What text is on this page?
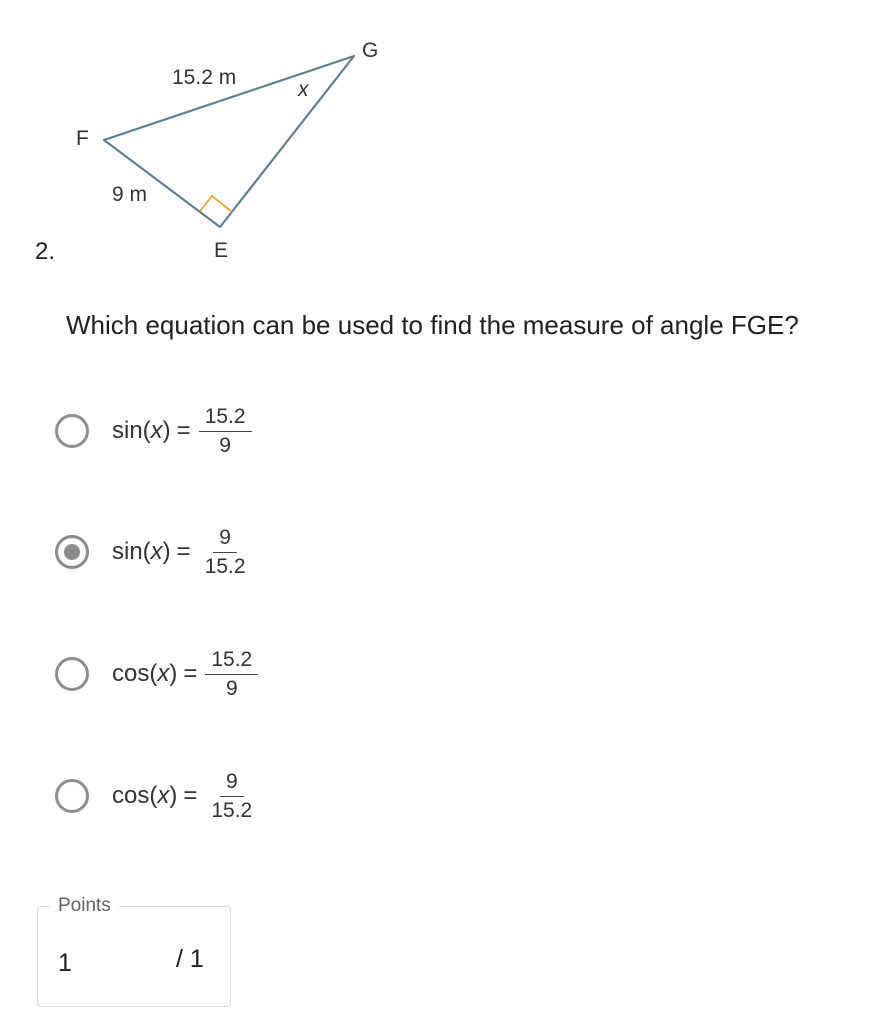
2.
G
F
E
15.2 m
9 m
x
Which equation can be used to find the measure of angle FGE?
sin( x ) = $\frac{15.2}{9}$
sin( x ) = $\frac{9}{15.2}$
cos( x ) = $\frac{15.2}{9}$
cos( x ) = $\frac{9}{15.2}$
Points
1	/ 1
